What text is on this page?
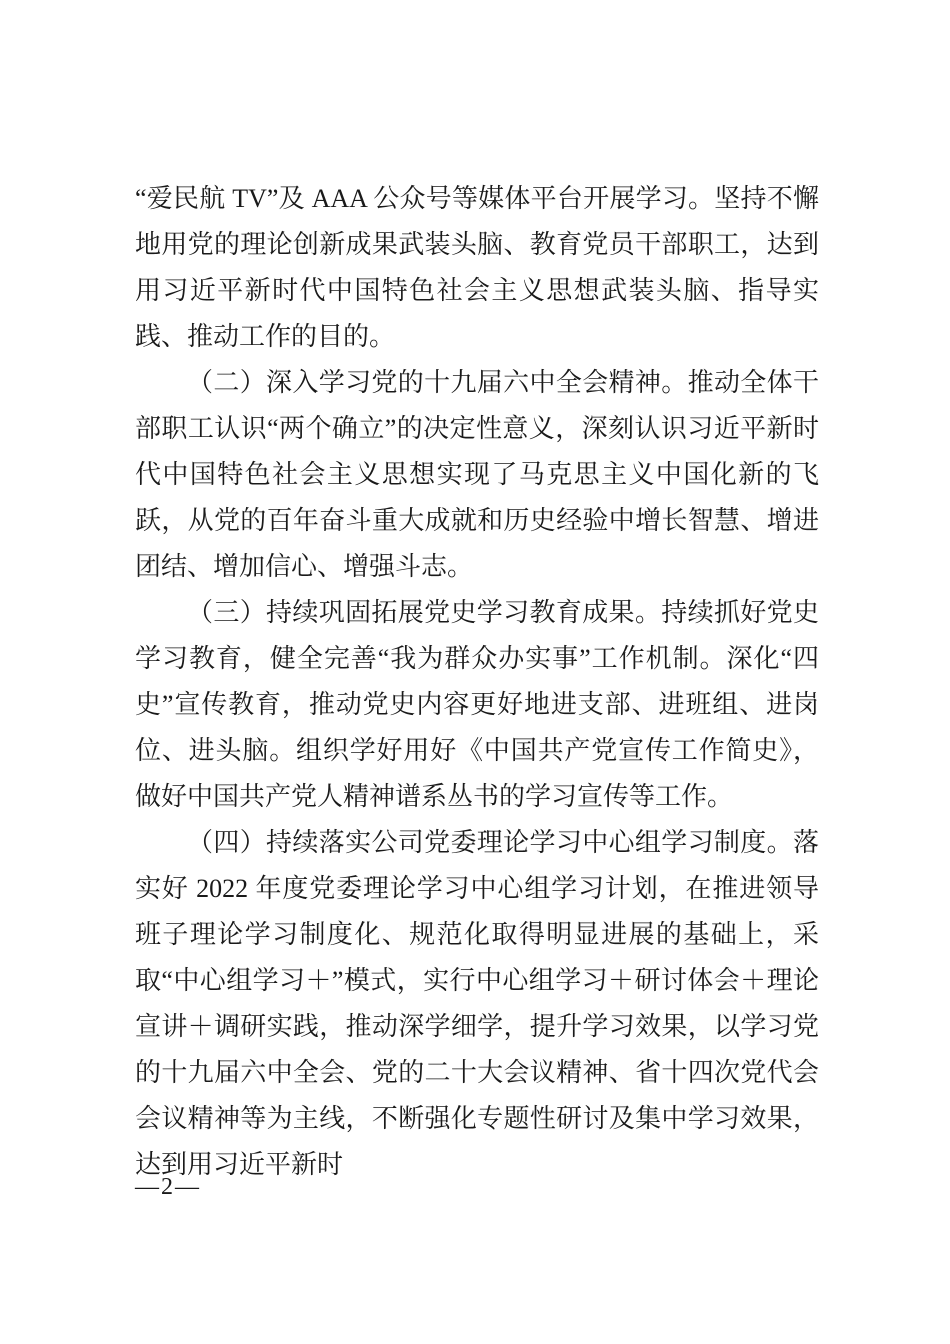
“爱民航 TV”及 AAA 公众号等媒体平台开展学习。坚持不懈地用党的理论创新成果武装头脑、教育党员干部职工，达到用习近平新时代中国特色社会主义思想武装头脑、指导实践、推动工作的目的。

（二）深入学习党的十九届六中全会精神。推动全体干部职工认识“两个确立”的决定性意义，深刻认识习近平新时代中国特色社会主义思想实现了马克思主义中国化新的飞跃，从党的百年奋斗重大成就和历史经验中增长智慧、增进团结、增加信心、增强斗志。

（三）持续巩固拓展党史学习教育成果。持续抓好党史学习教育，健全完善“我为群众办实事”工作机制。深化“四史”宣传教育，推动党史内容更好地进支部、进班组、进岗位、进头脑。组织学好用好《中国共产党宣传工作简史》，做好中国共产党人精神谱系丛书的学习宣传等工作。

（四）持续落实公司党委理论学习中心组学习制度。落实好 2022 年度党委理论学习中心组学习计划，在推进领导班子理论学习制度化、规范化取得明显进展的基础上，采取“中心组学习＋”模式，实行中心组学习＋研讨体会＋理论宣讲＋调研实践，推动深学细学，提升学习效果，以学习党的十九届六中全会、党的二十大会议精神、省十四次党代会会议精神等为主线，不断强化专题性研讨及集中学习效果，达到用习近平新时

—2—
